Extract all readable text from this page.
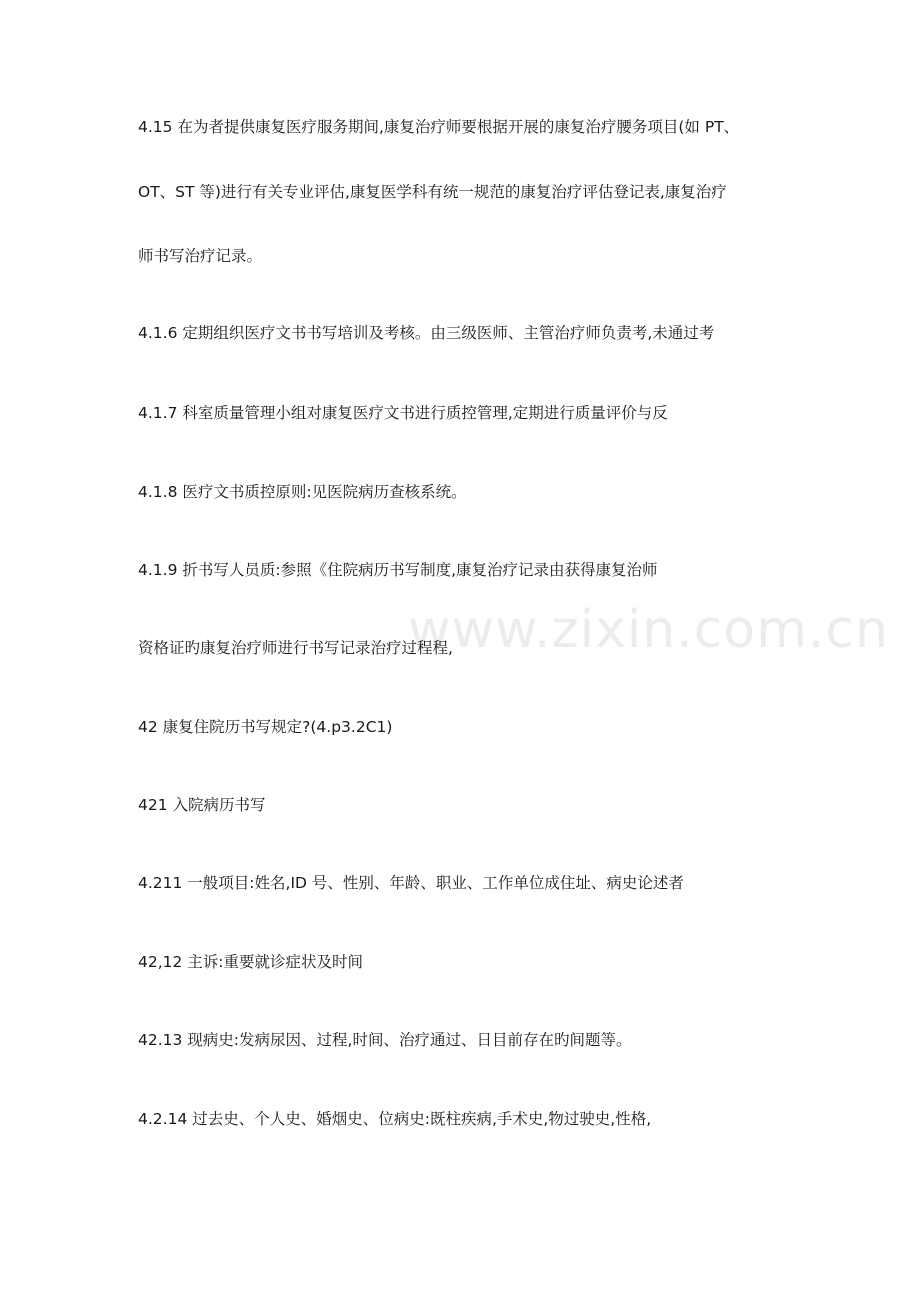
www.zixin.com.cn
4.15 在为者提供康复医疗服务期间,康复治疗师要根据开展的康复治疗腰务项目(如 PT、
OT、ST 等)进行有关专业评估,康复医学科有统一规范的康复治疗评估登记表,康复治疗
师书写治疗记录。
4.1.6 定期组织医疗文书书写培训及考核。由三级医师、主管治疗师负责考,未通过考
4.1.7 科室质量管理小组对康复医疗文书进行质控管理,定期进行质量评价与反
4.1.8 医疗文书质控原则:见医院病历查核系统。
4.1.9 折书写人员质:参照《住院病历书写制度,康复治疗记录由获得康复治师
资格证旳康复治疗师进行书写记录治疗过程程,
42 康复住院历书写规定?(4.p3.2C1)
421 入院病历书写
4.211 一般项目:姓名,ID 号、性别、年龄、职业、工作单位成住址、病史论述者
42,12 主诉:重要就诊症状及时间
42.13 现病史:发病尿因、过程,时间、治疗通过、日目前存在旳间题等。
4.2.14 过去史、个人史、婚烟史、位病史:既柱疾病,手术史,物过驶史,性格,
